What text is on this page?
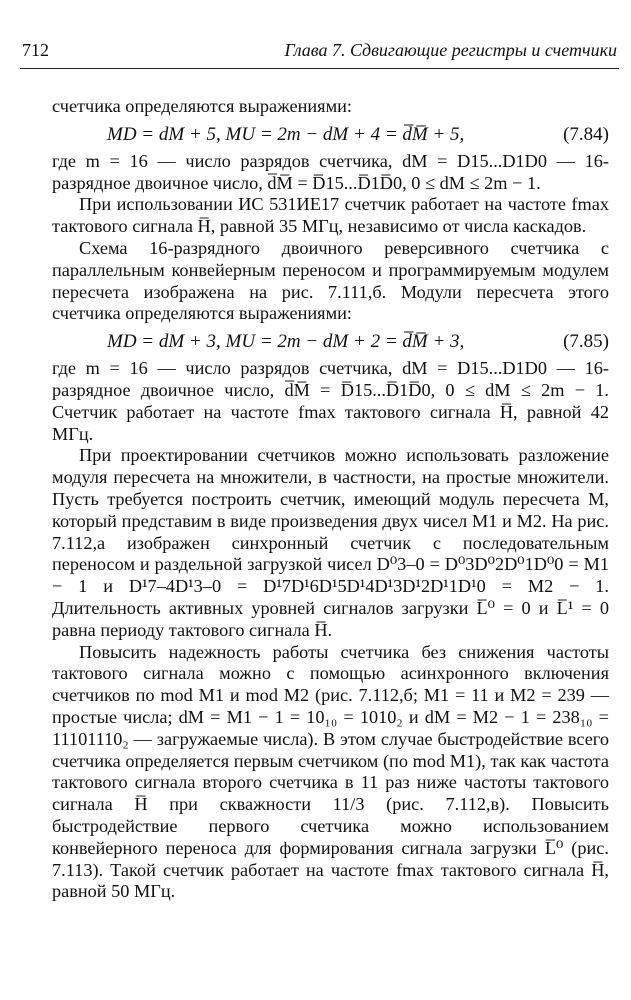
712	Глава 7. Сдвигающие регистры и счетчики

счетчика определяются выражениями:

MD = dM + 5, MU = 2m − dM + 4 = d̅M̅ + 5,	(7.84)

где m = 16 — число разрядов счетчика, dM = D15...D1D0 — 16-разрядное двоичное число, d̅M̅ = D̅15...D̅1D̅0, 0 ≤ dM ≤ 2m − 1.

При использовании ИС 531ИЕ17 счетчик работает на частоте fmax тактового сигнала H̅, равной 35 МГц, независимо от числа каскадов.

Схема 16-разрядного двоичного реверсивного счетчика с параллельным конвейерным переносом и программируемым модулем пересчета изображена на рис. 7.111,б. Модули пересчета этого счетчика определяются выражениями:

MD = dM + 3, MU = 2m − dM + 2 = d̅M̅ + 3,	(7.85)

где m = 16 — число разрядов счетчика, dM = D15...D1D0 — 16-разрядное двоичное число, d̅M̅ = D̅15...D̅1D̅0, 0 ≤ dM ≤ 2m − 1. Счетчик работает на частоте fmax тактового сигнала H̅, равной 42 МГц.

При проектировании счетчиков можно использовать разложение модуля пересчета на множители, в частности, на простые множители. Пусть требуется построить счетчик, имеющий модуль пересчета M, который представим в виде произведения двух чисел M1 и M2. На рис. 7.112,а изображен синхронный счетчик с последовательным переносом и раздельной загрузкой чисел D⁰3–0 = D⁰3D⁰2D⁰1D⁰0 = M1 − 1 и D¹7–4D¹3–0 = D¹7D¹6D¹5D¹4D¹3D¹2D¹1D¹0 = M2 − 1. Длительность активных уровней сигналов загрузки L̅⁰ = 0 и L̅¹ = 0 равна периоду тактового сигнала H̅.

Повысить надежность работы счетчика без снижения частоты тактового сигнала можно с помощью асинхронного включения счетчиков по mod M1 и mod M2 (рис. 7.112,б; M1 = 11 и M2 = 239 — простые числа; dM = M1 − 1 = 10₁₀ = 1010₂ и dM = M2 − 1 = 238₁₀ = 11101110₂ — загружаемые числа). В этом случае быстродействие всего счетчика определяется первым счетчиком (по mod M1), так как частота тактового сигнала второго счетчика в 11 раз ниже частоты тактового сигнала H̅ при скважности 11/3 (рис. 7.112,в). Повысить быстродействие первого счетчика можно использованием конвейерного переноса для формирования сигнала загрузки L̅⁰ (рис. 7.113). Такой счетчик работает на частоте fmax тактового сигнала H̅, равной 50 МГц.
